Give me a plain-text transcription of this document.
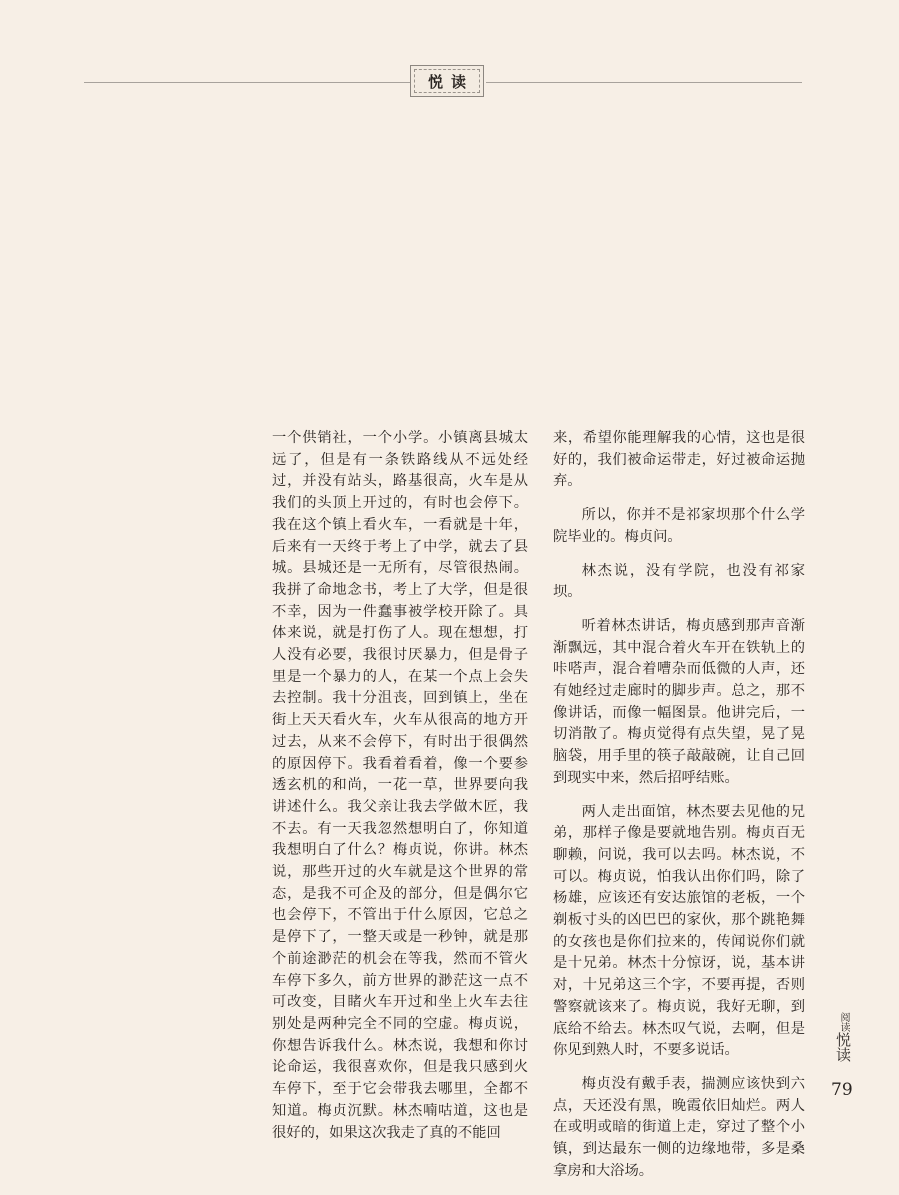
悦读

一个供销社，一个小学。小镇离县城太远了，但是有一条铁路线从不远处经过，并没有站头，路基很高，火车是从我们的头顶上开过的，有时也会停下。我在这个镇上看火车，一看就是十年，后来有一天终于考上了中学，就去了县城。县城还是一无所有，尽管很热闹。我拼了命地念书，考上了大学，但是很不幸，因为一件蠢事被学校开除了。具体来说，就是打伤了人。现在想想，打人没有必要，我很讨厌暴力，但是骨子里是一个暴力的人，在某一个点上会失去控制。我十分沮丧，回到镇上，坐在街上天天看火车，火车从很高的地方开过去，从来不会停下，有时出于很偶然的原因停下。我看着看着，像一个要参透玄机的和尚，一花一草，世界要向我讲述什么。我父亲让我去学做木匠，我不去。有一天我忽然想明白了，你知道我想明白了什么？梅贞说，你讲。林杰说，那些开过的火车就是这个世界的常态，是我不可企及的部分，但是偶尔它也会停下，不管出于什么原因，它总之是停下了，一整天或是一秒钟，就是那个前途渺茫的机会在等我，然而不管火车停下多久，前方世界的渺茫这一点不可改变，目睹火车开过和坐上火车去往别处是两种完全不同的空虚。梅贞说，你想告诉我什么。林杰说，我想和你讨论命运，我很喜欢你，但是我只感到火车停下，至于它会带我去哪里，全都不知道。梅贞沉默。林杰喃咕道，这也是很好的，如果这次我走了真的不能回

来，希望你能理解我的心情，这也是很好的，我们被命运带走，好过被命运抛弃。

所以，你并不是祁家坝那个什么学院毕业的。梅贞问。

林杰说，没有学院，也没有祁家坝。

听着林杰讲话，梅贞感到那声音渐渐飘远，其中混合着火车开在铁轨上的咔嗒声，混合着嘈杂而低微的人声，还有她经过走廊时的脚步声。总之，那不像讲话，而像一幅图景。他讲完后，一切消散了。梅贞觉得有点失望，晃了晃脑袋，用手里的筷子敲敲碗，让自己回到现实中来，然后招呼结账。

两人走出面馆，林杰要去见他的兄弟，那样子像是要就地告别。梅贞百无聊赖，问说，我可以去吗。林杰说，不可以。梅贞说，怕我认出你们吗，除了杨雄，应该还有安达旅馆的老板，一个剃板寸头的凶巴巴的家伙，那个跳艳舞的女孩也是你们拉来的，传闻说你们就是十兄弟。林杰十分惊讶，说，基本讲对，十兄弟这三个字，不要再提，否则警察就该来了。梅贞说，我好无聊，到底给不给去。林杰叹气说，去啊，但是你见到熟人时，不要多说话。

梅贞没有戴手表，揣测应该快到六点，天还没有黑，晚霞依旧灿烂。两人在或明或暗的街道上走，穿过了整个小镇，到达最东一侧的边缘地带，多是桑拿房和大浴场。

阅读悦读
79
